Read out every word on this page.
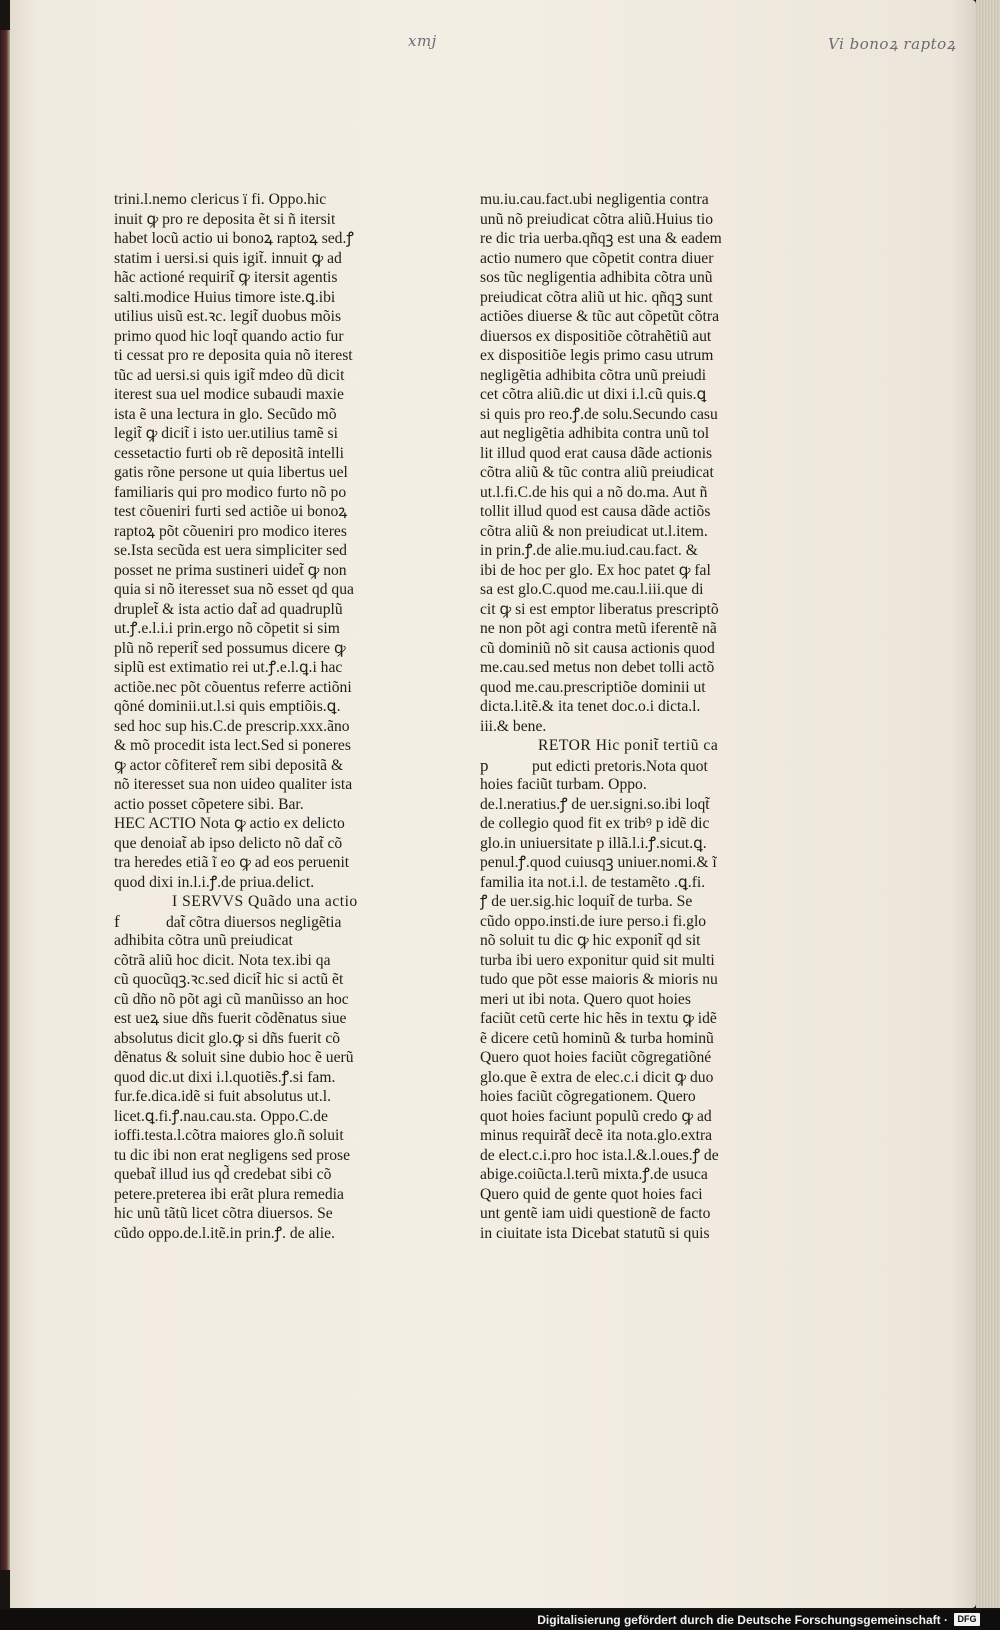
xmj	Vi bonoꝝ raptoꝝ
trini.l.nemo clericus ï fi. Oppo.hic
inuit ꝙ pro re deposita ẽt si ñ itersit
habet locũ actio ui bonoꝝ raptoꝝ sed.ꝭ
statim i uersi.si quis igit̃. innuit ꝙ ad
hãc actioné requirit̃ ꝙ itersit agentis
salti.modice Huius timore iste.ꝗ.ibi
utilius uisũ est.ꝛc. legit̃ duobus mõis
primo quod hic loqt̃ quando actio fur
ti cessat pro re deposita quia nõ iterest
tũc ad uersi.si quis igit̃ mdeo dũ dicit
iterest sua uel modice subaudi maxie
ista ẽ una lectura in glo. Secũdo mõ
legit̃ ꝙ dicit̃ i isto uer.utilius tamẽ si
cessetactio furti ob rẽ depositã intelli
gatis rõne persone ut quia libertus uel
familiaris qui pro modico furto nõ po
test cõueniri furti sed actiõe ui bonoꝝ
raptoꝝ põt cõueniri pro modico iteres
se.Ista secũda est uera simpliciter sed
posset ne prima sustineri uidet̃ ꝙ non
quia si nõ iteresset sua nõ esset qd qua
druplet̃ & ista actio dat̃ ad quadruplũ
ut.ꝭ.e.l.i.i prin.ergo nõ cõpetit si sim
plũ nõ reperit̃ sed possumus dicere ꝙ
siplũ est extimatio rei ut.ꝭ.e.l.ꝗ.i hac
actiõe.nec põt cõuentus referre actiõni
qõné dominii.ut.l.si quis emptiõis.ꝗ.
sed hoc sup his.C.de prescrip.xxx.ãno
& mõ procedit ista lect.Sed si poneres
ꝙ actor cõfiteret̃ rem sibi depositã &
nõ iteresset sua non uideo qualiter ista
actio posset cõpetere sibi. Bar.
HEC ACTIO Nota ꝙ actio ex delicto
que denoiat̃ ab ipso delicto nõ dat̃ cõ
tra heredes etiã ĩ eo ꝙ ad eos peruenit
quod dixi in.l.i.ꝭ.de priua.delict.
I SERVVS Quãdo una actio
f	dat̃ cõtra diuersos negligẽtia
adhibita cõtra unũ preiudicat
cõtrã aliũ hoc dicit. Nota tex.ibi qa
cũ quocũqꝫ.ꝛc.sed dicit̃ hic si actũ ẽt
cũ dño nõ põt agi cũ manũisso an hoc
est ueꝝ siue dñs fuerit cõdẽnatus siue
absolutus dicit glo.ꝙ si dñs fuerit cõ
dẽnatus & soluit sine dubio hoc ẽ uerũ
quod dic.ut dixi i.l.quotiẽs.ꝭ.si fam.
fur.fe.dica.idẽ si fuit absolutus ut.l.
licet.ꝗ.fi.ꝭ.nau.cau.sta. Oppo.C.de
ioffi.testa.l.cõtra maiores glo.ñ soluit
tu dic ibi non erat negligens sed prose
quebat̃ illud ius qd̃ credebat sibi cõ
petere.preterea ibi erãt plura remedia
hic unũ tãtũ licet cõtra diuersos. Se
cũdo oppo.de.l.itẽ.in prin.ꝭ. de alie.
mu.iu.cau.fact.ubi negligentia contra
unũ nõ preiudicat cõtra aliũ.Huius tio
re dic tria uerba.qñqꝫ est una & eadem
actio numero que cõpetit contra diuer
sos tũc negligentia adhibita cõtra unũ
preiudicat cõtra aliũ ut hic. qñqꝫ sunt
actiões diuerse & tũc aut cõpetũt cõtra
diuersos ex dispositiõe cõtrahẽtiũ aut
ex dispositiõe legis primo casu utrum
negligẽtia adhibita cõtra unũ preiudi
cet cõtra aliũ.dic ut dixi i.l.cũ quis.ꝗ
si quis pro reo.ꝭ.de solu.Secundo casu
aut negligẽtia adhibita contra unũ tol
lit illud quod erat causa dãde actionis
cõtra aliũ & tũc contra aliũ preiudicat
ut.l.fi.C.de his qui a nõ do.ma. Aut ñ
tollit illud quod est causa dãde actiõs
cõtra aliũ & non preiudicat ut.l.item.
in prin.ꝭ.de alie.mu.iud.cau.fact. &
ibi de hoc per glo. Ex hoc patet ꝙ fal
sa est glo.C.quod me.cau.l.iii.que di
cit ꝙ si est emptor liberatus prescriptõ
ne non põt agi contra metũ iferentẽ nã
cũ dominiũ nõ sit causa actionis quod
me.cau.sed metus non debet tolli actõ
quod me.cau.prescriptiõe dominii ut
dicta.l.itẽ.& ita tenet doc.o.i dicta.l.
iii.& bene.
RETOR Hic ponit̃ tertiũ ca
p	put edicti pretoris.Nota quot
hoies faciũt turbam. Oppo.
de.l.neratius.ꝭ de uer.signi.so.ibi loqt̃
de collegio quod fit ex tribꝰ p idẽ dic
glo.in uniuersitate p illã.l.i.ꝭ.sicut.ꝗ.
penul.ꝭ.quod cuiusqꝫ uniuer.nomi.& ĩ
familia ita not.i.l. de testamẽto .ꝗ.fi.
ꝭ de uer.sig.hic loquit̃ de turba. Se
cũdo oppo.insti.de iure perso.i fi.glo
nõ soluit tu dic ꝙ hic exponit̃ qd sit
turba ibi uero exponitur quid sit multi
tudo que põt esse maioris & mioris nu
meri ut ibi nota. Quero quot hoies
faciũt cetũ certe hic hẽs in textu ꝙ idẽ
ẽ dicere cetũ hominũ & turba hominũ
Quero quot hoies faciũt cõgregatiõné
glo.que ẽ extra de elec.c.i dicit ꝙ duo
hoies faciũt cõgregationem. Quero
quot hoies faciunt populũ credo ꝙ ad
minus requirãt̃ decẽ ita nota.glo.extra
de elect.c.i.pro hoc ista.l.&.l.oues.ꝭ de
abige.coiũcta.l.terũ mixta.ꝭ.de usuca
Quero quid de gente quot hoies faci
unt gentẽ iam uidi questionẽ de facto
in ciuitate ista Dicebat statutũ si quis
Digitalisierung gefördert durch die Deutsche Forschungsgemeinschaft ·	DFG
